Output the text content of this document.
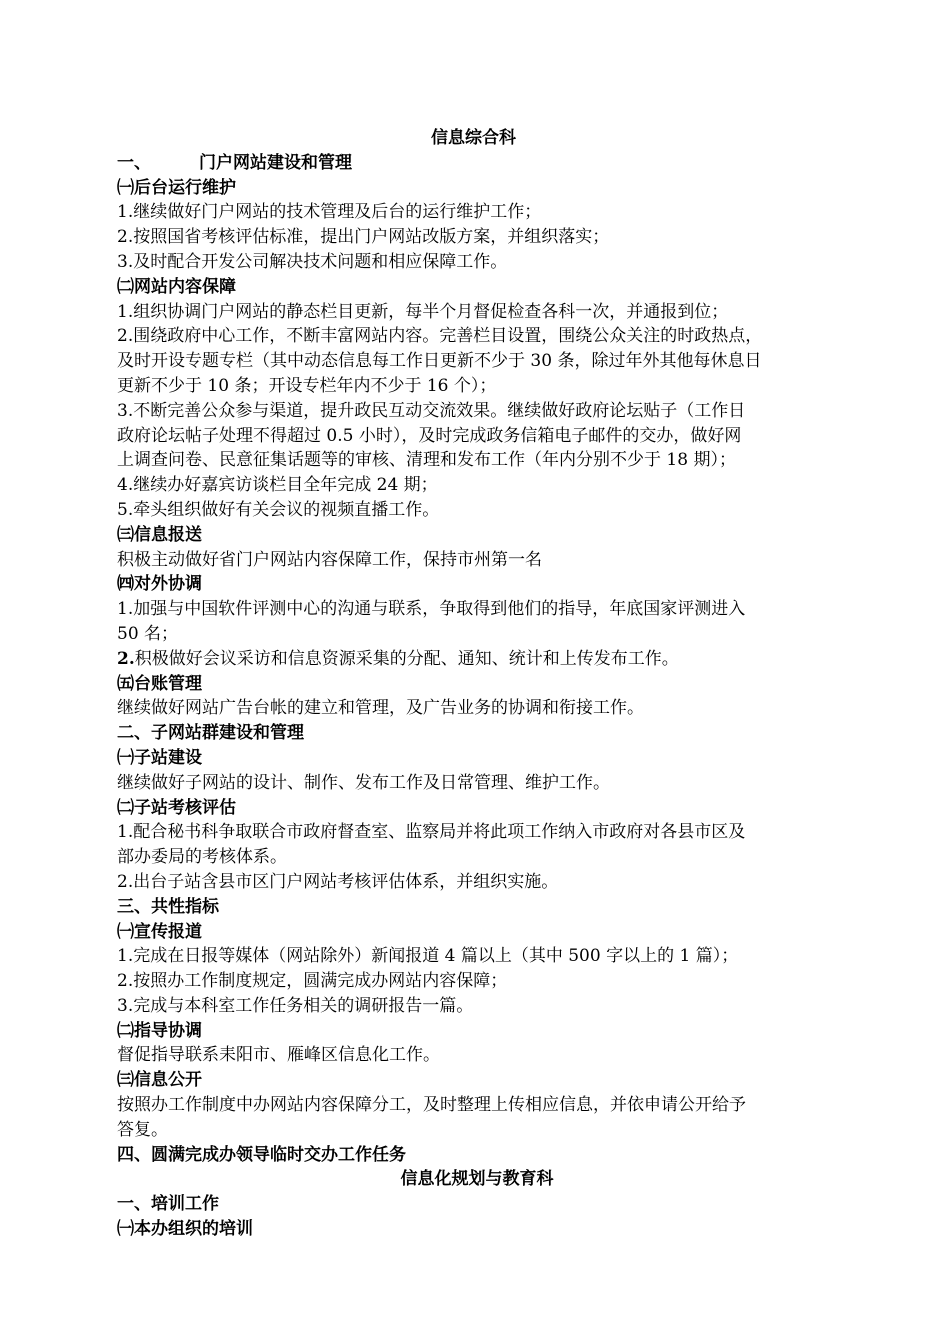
信息综合科
一、	门户网站建设和管理
㈠后台运行维护
1.继续做好门户网站的技术管理及后台的运行维护工作；
2.按照国省考核评估标准，提出门户网站改版方案，并组织落实；
3.及时配合开发公司解决技术问题和相应保障工作。
㈡网站内容保障
1.组织协调门户网站的静态栏目更新，每半个月督促检查各科一次，并通报到位；
2.围绕政府中心工作，不断丰富网站内容。完善栏目设置，围绕公众关注的时政热点，
及时开设专题专栏（其中动态信息每工作日更新不少于 30 条，除过年外其他每休息日
更新不少于 10 条；开设专栏年内不少于 16 个）；
3.不断完善公众参与渠道，提升政民互动交流效果。继续做好政府论坛贴子（工作日
政府论坛帖子处理不得超过 0.5 小时），及时完成政务信箱电子邮件的交办，做好网
上调查问卷、民意征集话题等的审核、清理和发布工作（年内分别不少于 18 期）；
4.继续办好嘉宾访谈栏目全年完成 24 期；
5.牵头组织做好有关会议的视频直播工作。
㈢信息报送
积极主动做好省门户网站内容保障工作，保持市州第一名
㈣对外协调
1.加强与中国软件评测中心的沟通与联系，争取得到他们的指导，年底国家评测进入
50 名；
2.积极做好会议采访和信息资源采集的分配、通知、统计和上传发布工作。
㈤台账管理
继续做好网站广告台帐的建立和管理，及广告业务的协调和衔接工作。
二、子网站群建设和管理
㈠子站建设
继续做好子网站的设计、制作、发布工作及日常管理、维护工作。
㈡子站考核评估
1.配合秘书科争取联合市政府督查室、监察局并将此项工作纳入市政府对各县市区及
部办委局的考核体系。
2.出台子站含县市区门户网站考核评估体系，并组织实施。
三、共性指标
㈠宣传报道
1.完成在日报等媒体（网站除外）新闻报道 4 篇以上（其中 500 字以上的 1 篇）；
2.按照办工作制度规定，圆满完成办网站内容保障；
3.完成与本科室工作任务相关的调研报告一篇。
㈡指导协调
督促指导联系耒阳市、雁峰区信息化工作。
㈢信息公开
按照办工作制度中办网站内容保障分工，及时整理上传相应信息，并依申请公开给予
答复。
四、圆满完成办领导临时交办工作任务
信息化规划与教育科
一、培训工作
㈠本办组织的培训
